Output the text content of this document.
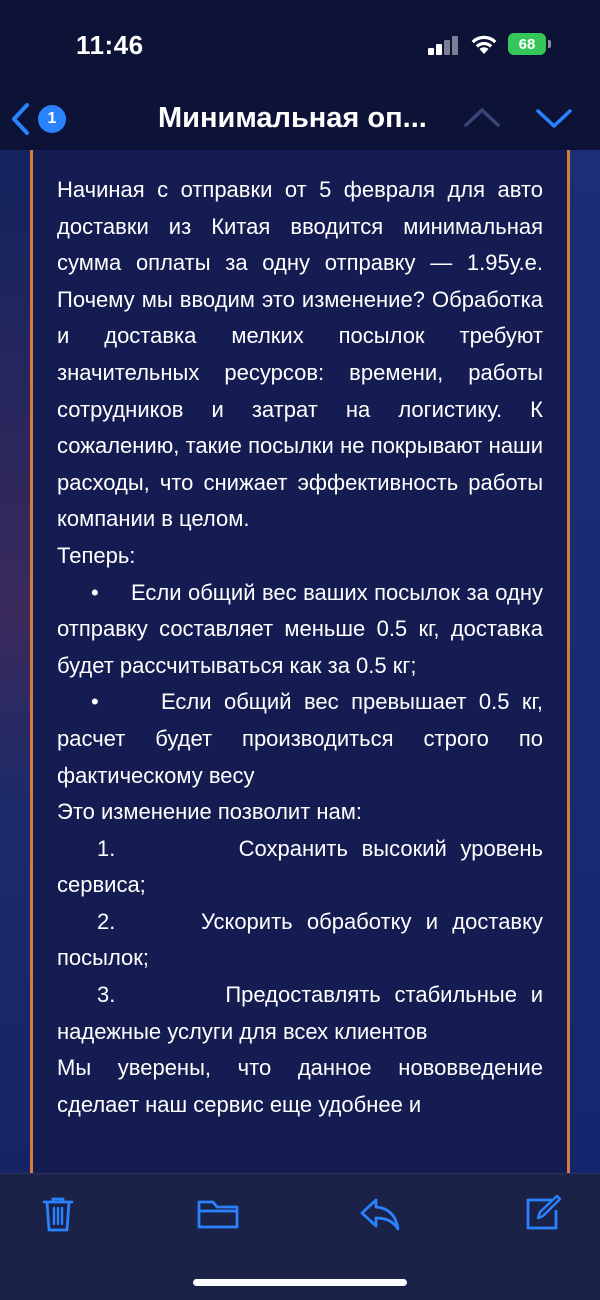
11:46	68
1	Минимальная оп...

Начиная с отправки от 5 февраля для авто доставки из Китая вводится минимальная сумма оплаты за одну отправку — 1.95у.е. Почему мы вводим это изменение? Обработка и доставка мелких посылок требуют значительных ресурсов: времени, работы сотрудников и затрат на логистику. К сожалению, такие посылки не покрывают наши расходы, что снижает эффективность работы компании в целом.

Теперь:

•     Если общий вес ваших посылок за одну отправку составляет меньше 0.5 кг, доставка будет рассчитываться как за 0.5 кг;

•     Если общий вес превышает 0.5 кг, расчет будет производиться строго по фактическому весу

Это изменение позволит нам:

1.	Сохранить высокий уровень сервиса;

2.	Ускорить обработку и доставку посылок;

3.	Предоставлять стабильные и надежные услуги для всех клиентов

Мы уверены, что данное нововведение сделает наш сервис еще удобнее и
